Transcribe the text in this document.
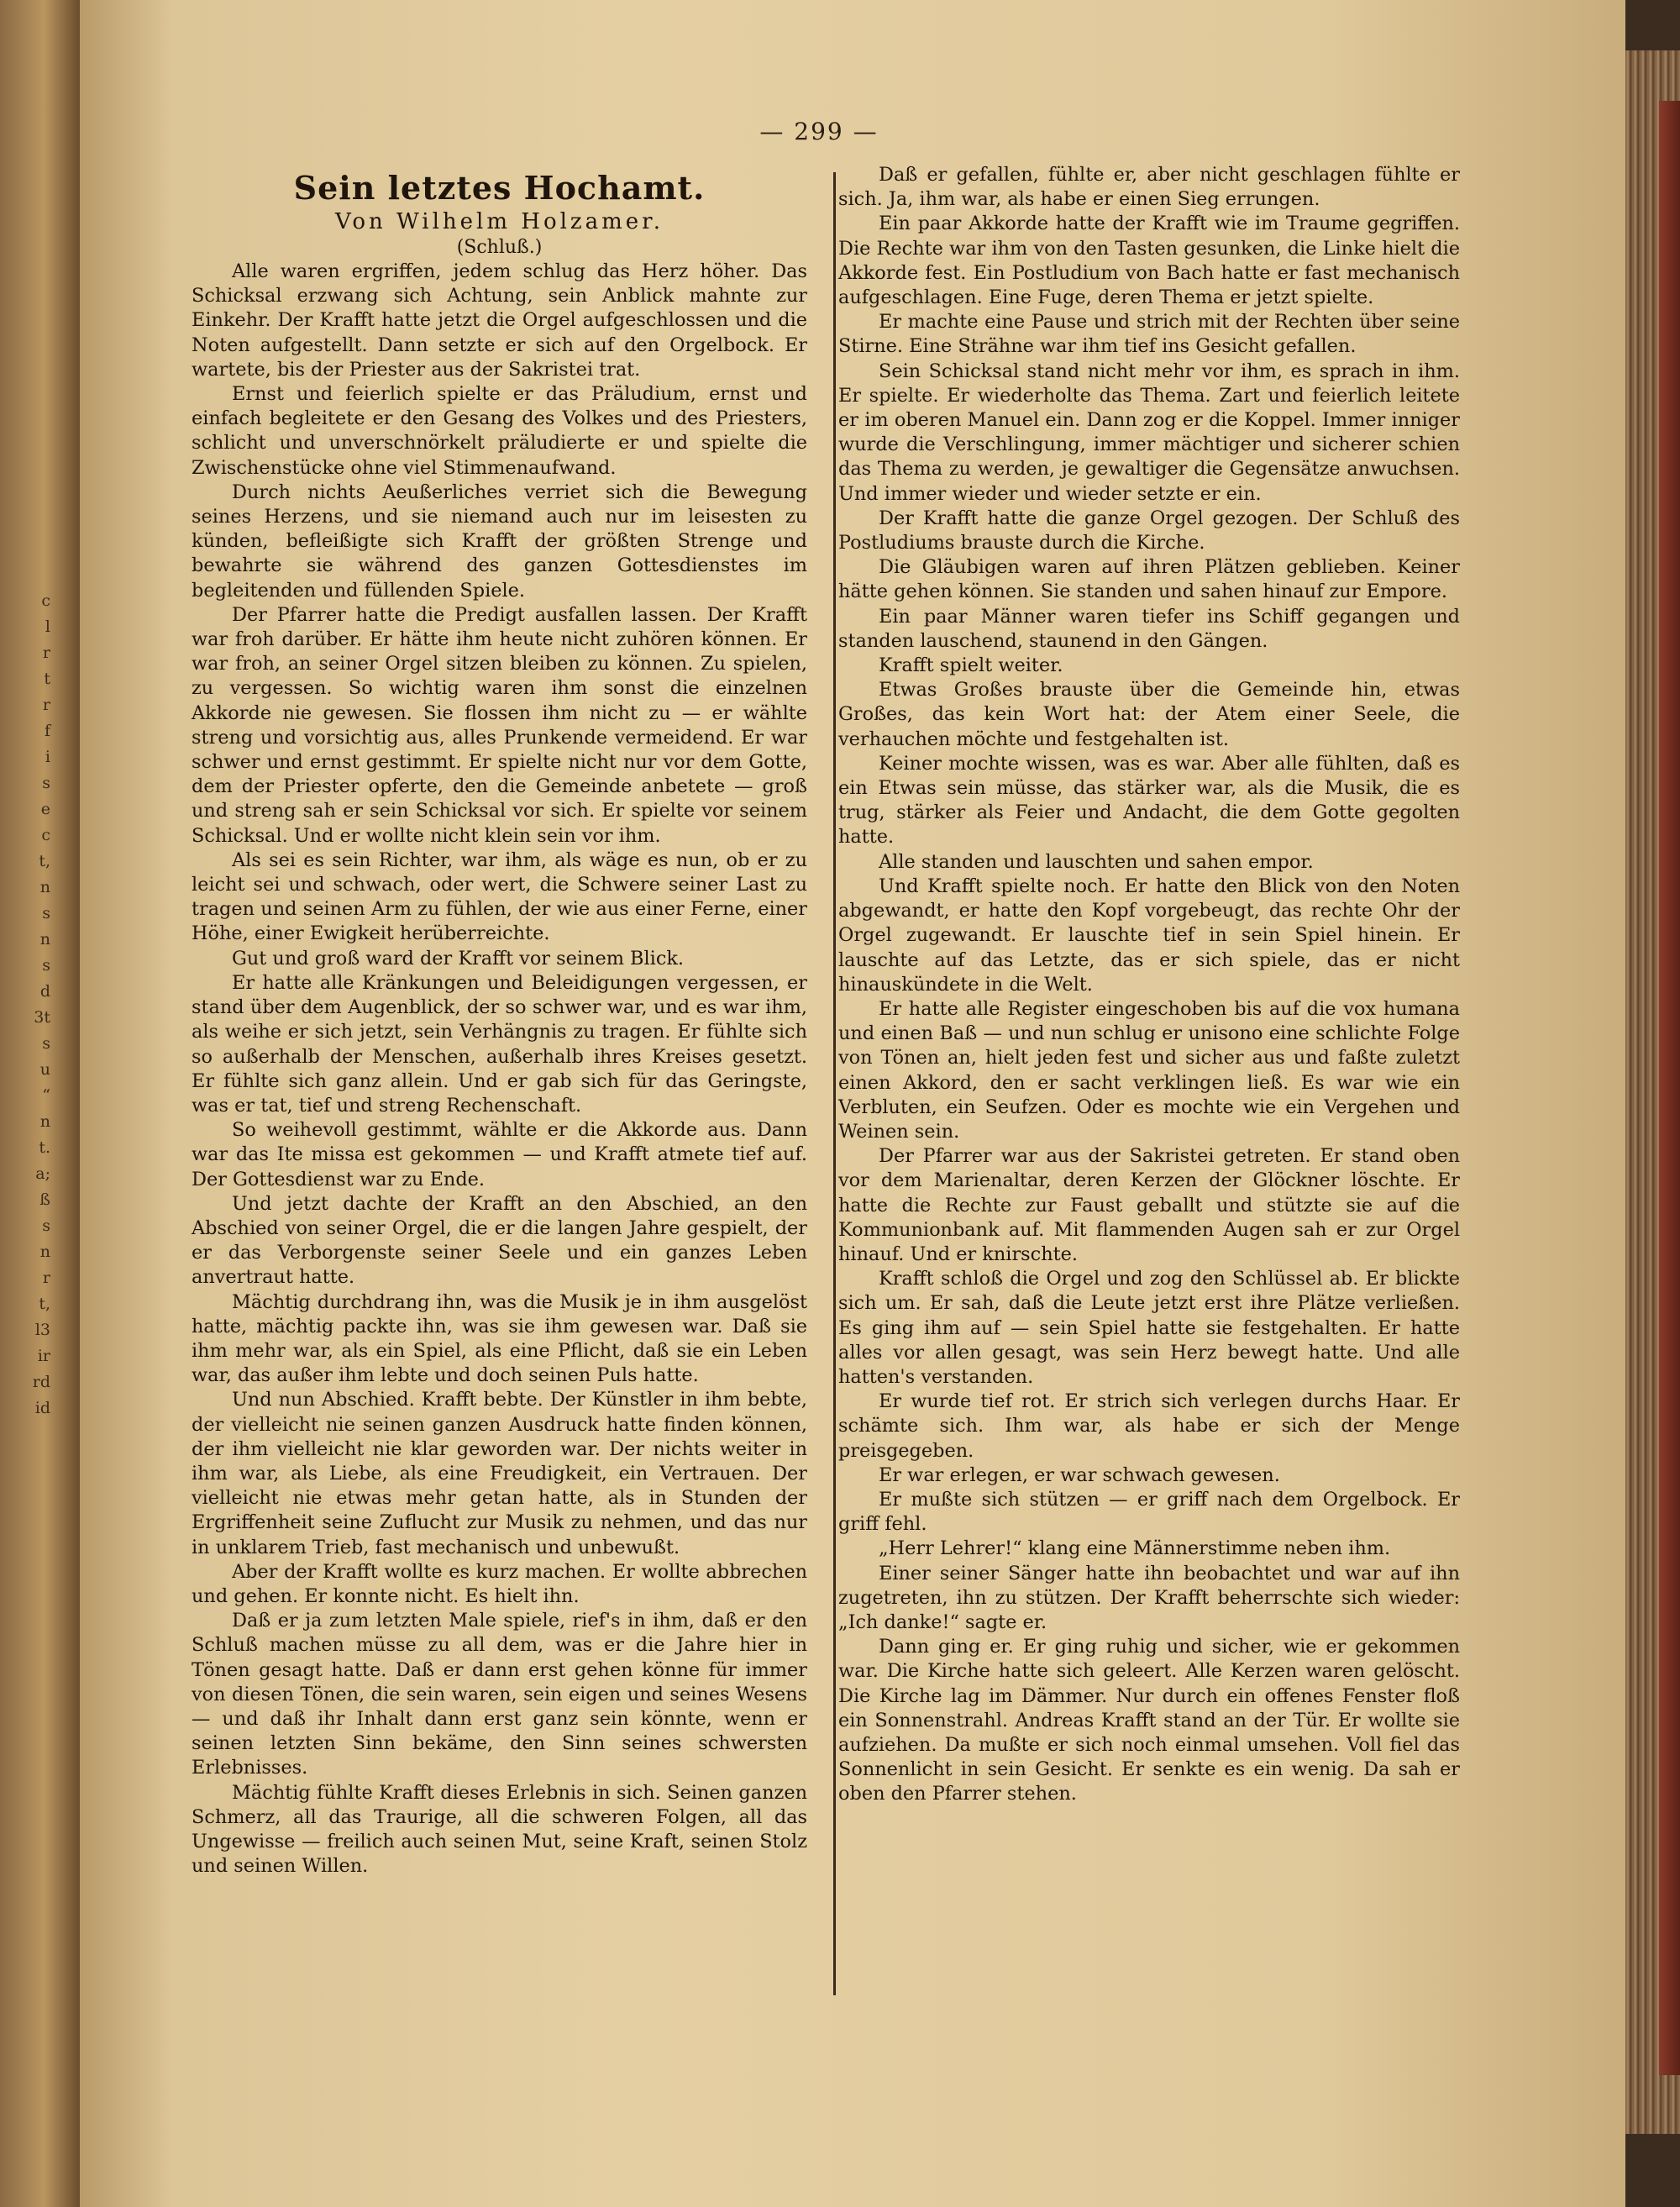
c
l
r
t
r
f
i
s
e
c
t,
n
s
n
s
d
3t
s
u
“
n
t.
a;
ß
s
n
r
t,
l3
ir
rd
id
— 299 —
Sein letztes Hochamt.
Von Wilhelm Holzamer.
(Schluß.)

Alle waren ergriffen, jedem schlug das Herz höher. Das Schicksal erzwang sich Achtung, sein Anblick mahnte zur Einkehr. Der Krafft hatte jetzt die Orgel aufgeschlossen und die Noten aufgestellt. Dann setzte er sich auf den Orgelbock. Er wartete, bis der Priester aus der Sakristei trat.

Ernst und feierlich spielte er das Präludium, ernst und einfach begleitete er den Gesang des Volkes und des Priesters, schlicht und unverschnörkelt präludierte er und spielte die Zwischenstücke ohne viel Stimmenaufwand.

Durch nichts Aeußerliches verriet sich die Bewegung seines Herzens, und sie niemand auch nur im leisesten zu künden, befleißigte sich Krafft der größten Strenge und bewahrte sie während des ganzen Gottesdienstes im begleitenden und füllenden Spiele.

Der Pfarrer hatte die Predigt ausfallen lassen. Der Krafft war froh darüber. Er hätte ihm heute nicht zuhören können. Er war froh, an seiner Orgel sitzen bleiben zu können. Zu spielen, zu vergessen. So wichtig waren ihm sonst die einzelnen Akkorde nie gewesen. Sie flossen ihm nicht zu — er wählte streng und vorsichtig aus, alles Prunkende vermeidend. Er war schwer und ernst gestimmt. Er spielte nicht nur vor dem Gotte, dem der Priester opferte, den die Gemeinde anbetete — groß und streng sah er sein Schicksal vor sich. Er spielte vor seinem Schicksal. Und er wollte nicht klein sein vor ihm.

Als sei es sein Richter, war ihm, als wäge es nun, ob er zu leicht sei und schwach, oder wert, die Schwere seiner Last zu tragen und seinen Arm zu fühlen, der wie aus einer Ferne, einer Höhe, einer Ewigkeit herüberreichte.

Gut und groß ward der Krafft vor seinem Blick.

Er hatte alle Kränkungen und Beleidigungen vergessen, er stand über dem Augenblick, der so schwer war, und es war ihm, als weihe er sich jetzt, sein Verhängnis zu tragen. Er fühlte sich so außerhalb der Menschen, außerhalb ihres Kreises gesetzt. Er fühlte sich ganz allein. Und er gab sich für das Geringste, was er tat, tief und streng Rechenschaft.

So weihevoll gestimmt, wählte er die Akkorde aus. Dann war das Ite missa est gekommen — und Krafft atmete tief auf. Der Gottesdienst war zu Ende.

Und jetzt dachte der Krafft an den Abschied, an den Abschied von seiner Orgel, die er die langen Jahre gespielt, der er das Verborgenste seiner Seele und ein ganzes Leben anvertraut hatte.

Mächtig durchdrang ihn, was die Musik je in ihm ausgelöst hatte, mächtig packte ihn, was sie ihm gewesen war. Daß sie ihm mehr war, als ein Spiel, als eine Pflicht, daß sie ein Leben war, das außer ihm lebte und doch seinen Puls hatte.

Und nun Abschied. Krafft bebte. Der Künstler in ihm bebte, der vielleicht nie seinen ganzen Ausdruck hatte finden können, der ihm vielleicht nie klar geworden war. Der nichts weiter in ihm war, als Liebe, als eine Freudigkeit, ein Vertrauen. Der vielleicht nie etwas mehr getan hatte, als in Stunden der Ergriffenheit seine Zuflucht zur Musik zu nehmen, und das nur in unklarem Trieb, fast mechanisch und unbewußt.

Aber der Krafft wollte es kurz machen. Er wollte abbrechen und gehen. Er konnte nicht. Es hielt ihn.

Daß er ja zum letzten Male spiele, rief's in ihm, daß er den Schluß machen müsse zu all dem, was er die Jahre hier in Tönen gesagt hatte. Daß er dann erst gehen könne für immer von diesen Tönen, die sein waren, sein eigen und seines Wesens — und daß ihr Inhalt dann erst ganz sein könnte, wenn er seinen letzten Sinn bekäme, den Sinn seines schwersten Erlebnisses.

Mächtig fühlte Krafft dieses Erlebnis in sich. Seinen ganzen Schmerz, all das Traurige, all die schweren Folgen, all das Ungewisse — freilich auch seinen Mut, seine Kraft, seinen Stolz und seinen Willen.

Daß er gefallen, fühlte er, aber nicht geschlagen fühlte er sich. Ja, ihm war, als habe er einen Sieg errungen.

Ein paar Akkorde hatte der Krafft wie im Traume gegriffen. Die Rechte war ihm von den Tasten gesunken, die Linke hielt die Akkorde fest. Ein Postludium von Bach hatte er fast mechanisch aufgeschlagen. Eine Fuge, deren Thema er jetzt spielte.

Er machte eine Pause und strich mit der Rechten über seine Stirne. Eine Strähne war ihm tief ins Gesicht gefallen.

Sein Schicksal stand nicht mehr vor ihm, es sprach in ihm. Er spielte. Er wiederholte das Thema. Zart und feierlich leitete er im oberen Manuel ein. Dann zog er die Koppel. Immer inniger wurde die Verschlingung, immer mächtiger und sicherer schien das Thema zu werden, je gewaltiger die Gegensätze anwuchsen. Und immer wieder und wieder setzte er ein.

Der Krafft hatte die ganze Orgel gezogen. Der Schluß des Postludiums brauste durch die Kirche.

Die Gläubigen waren auf ihren Plätzen geblieben. Keiner hätte gehen können. Sie standen und sahen hinauf zur Empore.

Ein paar Männer waren tiefer ins Schiff gegangen und standen lauschend, staunend in den Gängen.

Krafft spielt weiter.

Etwas Großes brauste über die Gemeinde hin, etwas Großes, das kein Wort hat: der Atem einer Seele, die verhauchen möchte und festgehalten ist.

Keiner mochte wissen, was es war. Aber alle fühlten, daß es ein Etwas sein müsse, das stärker war, als die Musik, die es trug, stärker als Feier und Andacht, die dem Gotte gegolten hatte.

Alle standen und lauschten und sahen empor.

Und Krafft spielte noch. Er hatte den Blick von den Noten abgewandt, er hatte den Kopf vorgebeugt, das rechte Ohr der Orgel zugewandt. Er lauschte tief in sein Spiel hinein. Er lauschte auf das Letzte, das er sich spiele, das er nicht hinauskündete in die Welt.

Er hatte alle Register eingeschoben bis auf die vox humana und einen Baß — und nun schlug er unisono eine schlichte Folge von Tönen an, hielt jeden fest und sicher aus und faßte zuletzt einen Akkord, den er sacht verklingen ließ. Es war wie ein Verbluten, ein Seufzen. Oder es mochte wie ein Vergehen und Weinen sein.

Der Pfarrer war aus der Sakristei getreten. Er stand oben vor dem Marienaltar, deren Kerzen der Glöckner löschte. Er hatte die Rechte zur Faust geballt und stützte sie auf die Kommunionbank auf. Mit flammenden Augen sah er zur Orgel hinauf. Und er knirschte.

Krafft schloß die Orgel und zog den Schlüssel ab. Er blickte sich um. Er sah, daß die Leute jetzt erst ihre Plätze verließen. Es ging ihm auf — sein Spiel hatte sie festgehalten. Er hatte alles vor allen gesagt, was sein Herz bewegt hatte. Und alle hatten's verstanden.

Er wurde tief rot. Er strich sich verlegen durchs Haar. Er schämte sich. Ihm war, als habe er sich der Menge preisgegeben.

Er war erlegen, er war schwach gewesen.

Er mußte sich stützen — er griff nach dem Orgelbock. Er griff fehl.

„Herr Lehrer!“ klang eine Männerstimme neben ihm.

Einer seiner Sänger hatte ihn beobachtet und war auf ihn zugetreten, ihn zu stützen. Der Krafft beherrschte sich wieder: „Ich danke!“ sagte er.

Dann ging er. Er ging ruhig und sicher, wie er gekommen war. Die Kirche hatte sich geleert. Alle Kerzen waren gelöscht. Die Kirche lag im Dämmer. Nur durch ein offenes Fenster floß ein Sonnenstrahl. Andreas Krafft stand an der Tür. Er wollte sie aufziehen. Da mußte er sich noch einmal umsehen. Voll fiel das Sonnenlicht in sein Gesicht. Er senkte es ein wenig. Da sah er oben den Pfarrer stehen.
